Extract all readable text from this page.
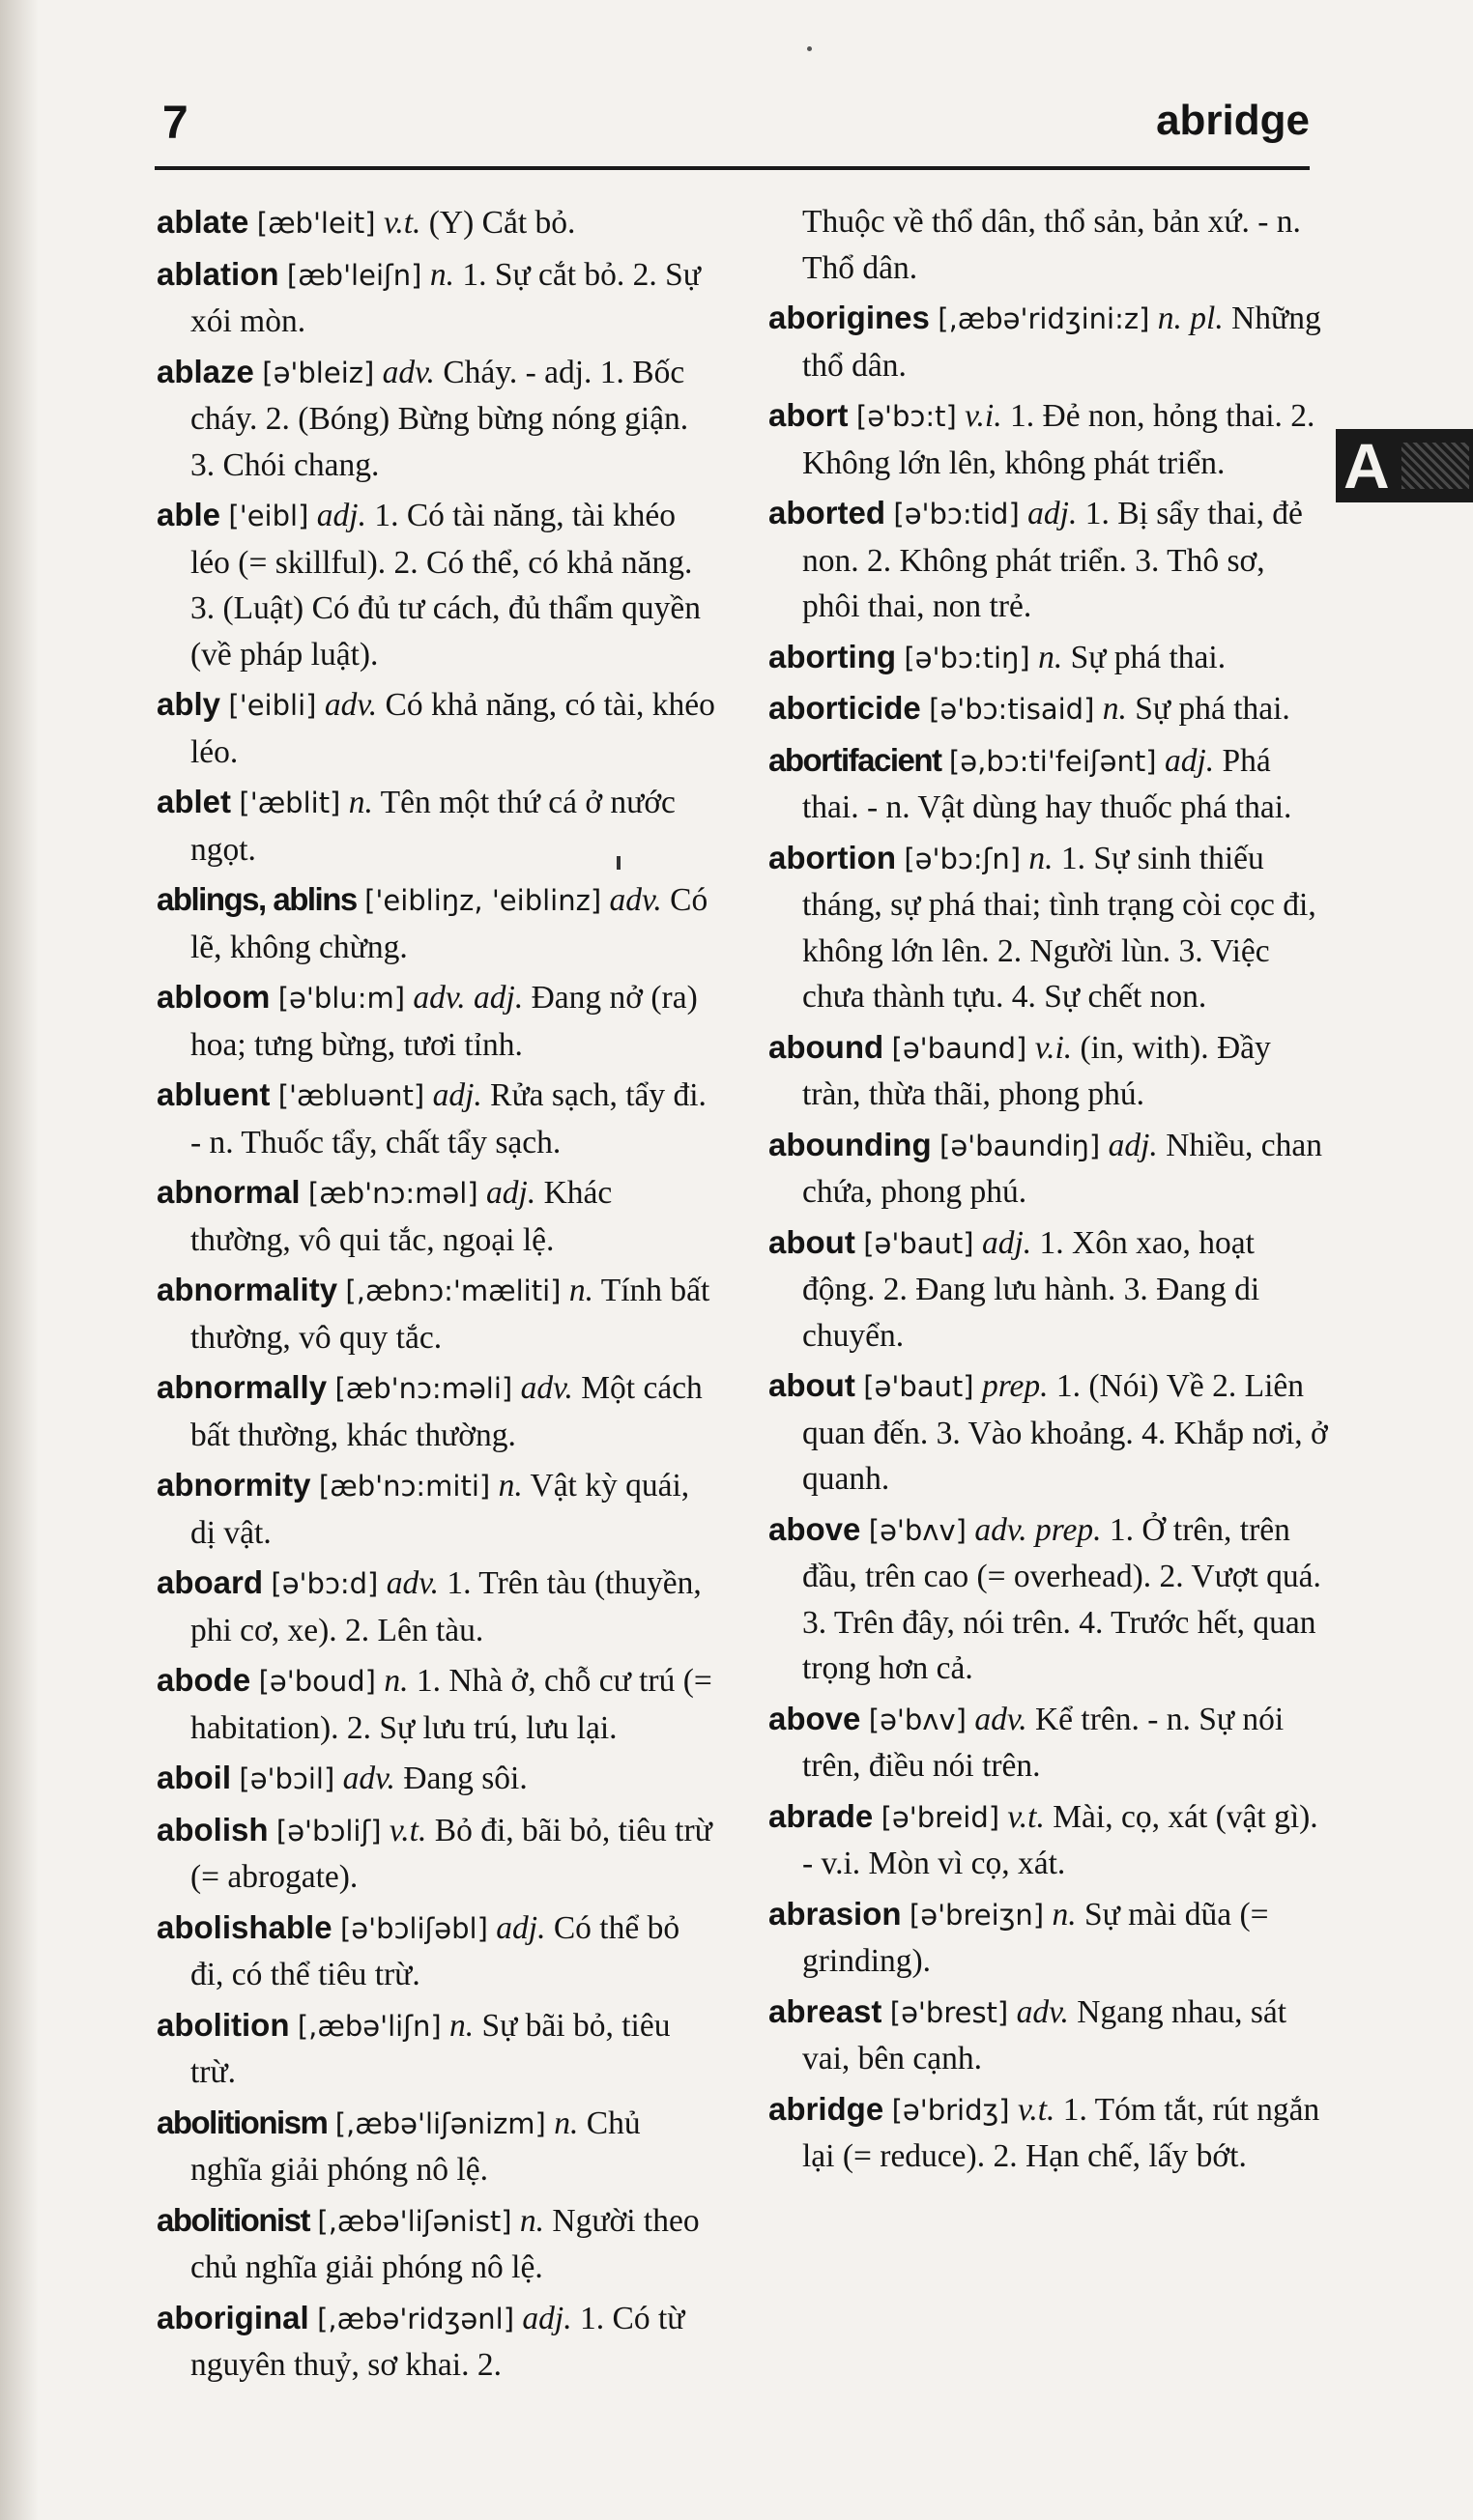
7	abridge
A
ablate [æb'leit] v.t. (Y) Cắt bỏ.
ablation [æb'leiʃn] n. 1. Sự cắt bỏ. 2. Sự xói mòn.
ablaze [ə'bleiz] adv. Cháy. - adj. 1. Bốc cháy. 2. (Bóng) Bừng bừng nóng giận. 3. Chói chang.
able ['eibl] adj. 1. Có tài năng, tài khéo léo (= skillful). 2. Có thể, có khả năng. 3. (Luật) Có đủ tư cách, đủ thẩm quyền (về pháp luật).
ably ['eibli] adv. Có khả năng, có tài, khéo léo.
ablet ['æblit] n. Tên một thứ cá ở nước ngọt.
ablings, ablins ['eibliŋz, 'eiblinz] adv. Có lẽ, không chừng.
abloom [ə'blu:m] adv. adj. Đang nở (ra) hoa; tưng bừng, tươi tỉnh.
abluent ['æbluənt] adj. Rửa sạch, tẩy đi. - n. Thuốc tẩy, chất tẩy sạch.
abnormal [æb'nɔ:məl] adj. Khác thường, vô qui tắc, ngoại lệ.
abnormality [,æbnɔ:'mæliti] n. Tính bất thường, vô quy tắc.
abnormally [æb'nɔ:məli] adv. Một cách bất thường, khác thường.
abnormity [æb'nɔ:miti] n. Vật kỳ quái, dị vật.
aboard [ə'bɔ:d] adv. 1. Trên tàu (thuyền, phi cơ, xe). 2. Lên tàu.
abode [ə'boud] n. 1. Nhà ở, chỗ cư trú (= habitation). 2. Sự lưu trú, lưu lại.
aboil [ə'bɔil] adv. Đang sôi.
abolish [ə'bɔliʃ] v.t. Bỏ đi, bãi bỏ, tiêu trừ (= abrogate).
abolishable [ə'bɔliʃəbl] adj. Có thể bỏ đi, có thể tiêu trừ.
abolition [,æbə'liʃn] n. Sự bãi bỏ, tiêu trừ.
abolitionism [,æbə'liʃənizm] n. Chủ nghĩa giải phóng nô lệ.
abolitionist [,æbə'liʃənist] n. Người theo chủ nghĩa giải phóng nô lệ.
aboriginal [,æbə'ridʒənl] adj. 1. Có từ nguyên thuỷ, sơ khai. 2.
Thuộc về thổ dân, thổ sản, bản xứ. - n. Thổ dân.
aborigines [,æbə'ridʒini:z] n. pl. Những thổ dân.
abort [ə'bɔ:t] v.i. 1. Đẻ non, hỏng thai. 2. Không lớn lên, không phát triển.
aborted [ə'bɔ:tid] adj. 1. Bị sẩy thai, đẻ non. 2. Không phát triển. 3. Thô sơ, phôi thai, non trẻ.
aborting [ə'bɔ:tiŋ] n. Sự phá thai.
aborticide [ə'bɔ:tisaid] n. Sự phá thai.
abortifacient [ə,bɔ:ti'feiʃənt] adj. Phá thai. - n. Vật dùng hay thuốc phá thai.
abortion [ə'bɔ:ʃn] n. 1. Sự sinh thiếu tháng, sự phá thai; tình trạng còi cọc đi, không lớn lên. 2. Người lùn. 3. Việc chưa thành tựu. 4. Sự chết non.
abound [ə'baund] v.i. (in, with). Đầy tràn, thừa thãi, phong phú.
abounding [ə'baundiŋ] adj. Nhiều, chan chứa, phong phú.
about [ə'baut] adj. 1. Xôn xao, hoạt động. 2. Đang lưu hành. 3. Đang di chuyển.
about [ə'baut] prep. 1. (Nói) Về 2. Liên quan đến. 3. Vào khoảng. 4. Khắp nơi, ở quanh.
above [ə'bʌv] adv. prep. 1. Ở trên, trên đầu, trên cao (= overhead). 2. Vượt quá. 3. Trên đây, nói trên. 4. Trước hết, quan trọng hơn cả.
above [ə'bʌv] adv. Kể trên. - n. Sự nói trên, điều nói trên.
abrade [ə'breid] v.t. Mài, cọ, xát (vật gì). - v.i. Mòn vì cọ, xát.
abrasion [ə'breiʒn] n. Sự mài dũa (= grinding).
abreast [ə'brest] adv. Ngang nhau, sát vai, bên cạnh.
abridge [ə'bridʒ] v.t. 1. Tóm tắt, rút ngắn lại (= reduce). 2. Hạn chế, lấy bớt.
